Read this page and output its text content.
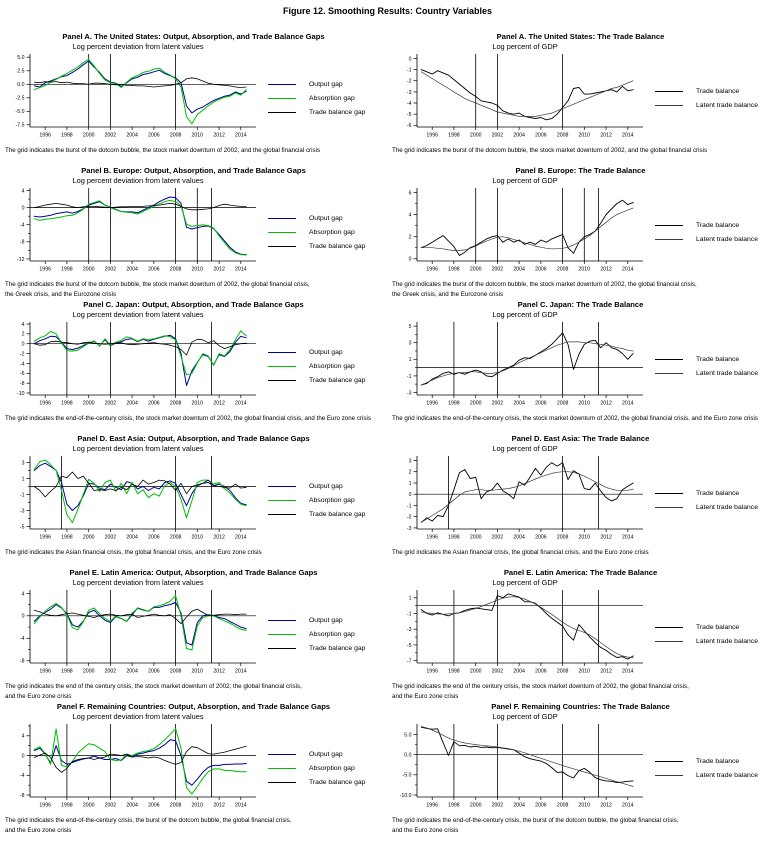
Figure 12. Smoothing Results: Country Variables
Panel A. The United States: Output, Absorption, and Trade Balance Gaps
Log percent deviation from latent values
5.0
2.5
0.0
-2.5
-5.0
-7.5
1996 1998 2000 2002 2004 2006 2008 2010 2012 2014
Output gap
Absorption gap
Trade balance gap
The grid indicates the burst of the dotcom bubble, the stock market downturn of 2002, and the global financial crisis
Panel A. The United States: The Trade Balance
Log percent of GDP
0
-1
-2
-3
-4
-5
-6
1996 1998 2000 2002 2004 2006 2008 2010 2012 2014
Trade balance
Latent trade balance
The grid indicates the burst of the dotcom bubble, the stock market downturn of 2002, and the global financial crisis
Panel B. Europe: Output, Absorption, and Trade Balance Gaps
Log percent deviation from latent values
4
0
-4
-8
-12
1996 1998 2000 2002 2004 2006 2008 2010 2012 2014
Output gap
Absorption gap
Trade balance gap
The grid indicates the burst of the dotcom bubble, the stock market downturn of 2002, the global financial crisis,
the Greek crisis, and the Eurozone crisis
Panel B. Europe: The Trade Balance
Log percent of GDP
6
4
2
0
1996 1998 2000 2002 2004 2006 2008 2010 2012 2014
Trade balance
Latent trade balance
The grid indicates the burst of the dotcom bubble, the stock market downturn of 2002, the global financial crisis,
the Greek crisis, and the Eurozone crisis
Panel C. Japan: Output, Absorption, and Trade Balance Gaps
Log percent deviation from latent values
4
2
0
-2
-4
-6
-8
-10
1996 1998 2000 2002 2004 2006 2008 2010 2012 2014
Output gap
Absorption gap
Trade balance gap
The grid indicates the end-of-the-century crisis, the stock market downturn of 2002, the global financial crisis, and the Euro zone crisis
Panel C. Japan: The Trade Balance
Log percent of GDP
5
3
1
-1
-3
1996 1998 2000 2002 2004 2006 2008 2010 2012 2014
Trade balance
Latent trade balance
The grid indicates the end-of-the-century crisis, the stock market downturn of 2002, the global financial crisis, and the Euro zone crisis
Panel D. East Asia: Output, Absorption, and Trade Balance Gaps
Log percent deviation from latent values
3
1
-1
-3
-5
1996 1998 2000 2002 2004 2006 2008 2010 2012 2014
Output gap
Absorption gap
Trade balance gap
The grid indicates the Asian financial crisis, the global financial crisis, and the Euro zone crisis
Panel D. East Asia: The Trade Balance
Log percent of GDP
3
2
1
0
-1
-2
-3
1996 1998 2000 2002 2004 2006 2008 2010 2012 2014
Trade balance
Latent trade balance
The grid indicates the Asian financial crisis, the global financial crisis, and the Euro zone crisis
Panel E. Latin America: Output, Absorption, and Trade Balance Gaps
Log percent deviation from latent values
4
0
-4
-8
1996 1998 2000 2002 2004 2006 2008 2010 2012 2014
Output gap
Absorption gap
Trade balance gap
The grid indicates the end of the century crisis, the stock market downturn of 2002, the global financial crisis,
and the Euro zone crisis
Panel E. Latin America: The Trade Balance
Log percent of GDP
1
-1
-3
-5
-7
1996 1998 2000 2002 2004 2006 2008 2010 2012 2014
Trade balance
Latent trade balance
The grid indicates the end of the century crisis, the stock market downturn of 2002, the global financial crisis,
and the Euro zone crisis
Panel F. Remaining Countries: Output, Absorption, and Trade Balance Gaps
Log percent deviation from latent values
4
0
-4
-8
1996 1998 2000 2002 2004 2006 2008 2010 2012 2014
Output gap
Absorption gap
Trade balance gap
The grid indicates the end-of-the-century crisis, the burst of the dotcom bubble, the global financial crisis,
and the Euro zone crisis
Panel F. Remaining Countries: The Trade Balance
Log percent of GDP
5.0
0.0
-5.0
-10.0
1996 1998 2000 2002 2004 2006 2008 2010 2012 2014
Trade balance
Latent trade balance
The grid indicates the end-of-the-century crisis, the burst of the dotcom bubble, the global financial crisis,
and the Euro zone crisis
